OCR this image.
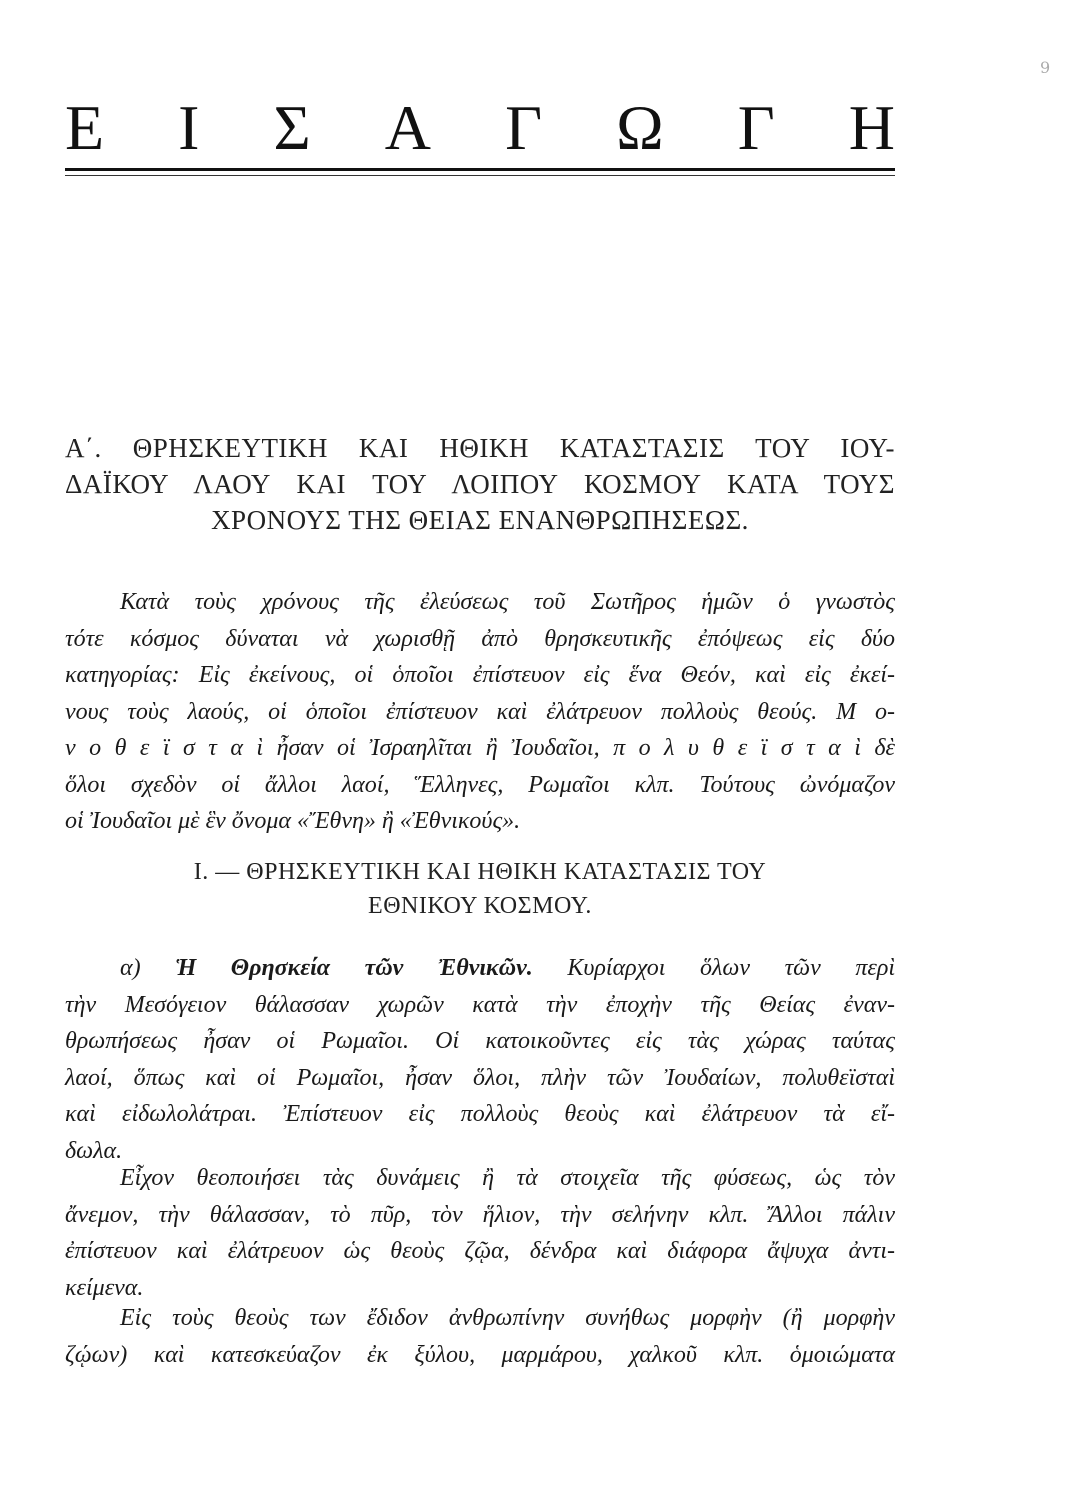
9
Ε Ι Σ Α Γ Ω Γ Η
Α΄. ΘΡΗΣΚΕΥΤΙΚΗ ΚΑΙ ΗΘΙΚΗ ΚΑΤΑΣΤΑΣΙΣ ΤΟΥ ΙΟΥ-
ΔΑΪΚΟΥ ΛΑΟΥ ΚΑΙ ΤΟΥ ΛΟΙΠΟΥ ΚΟΣΜΟΥ ΚΑΤΑ ΤΟΥΣ
ΧΡΟΝΟΥΣ ΤΗΣ ΘΕΙΑΣ ΕΝΑΝΘΡΩΠΗΣΕΩΣ.
Κατὰ τοὺς χρόνους τῆς ἐλεύσεως τοῦ Σωτῆρος ἡμῶν ὁ γνωστὸς
τότε κόσμος δύναται νὰ χωρισθῇ ἀπὸ θρησκευτικῆς ἐπόψεως εἰς δύο
κατηγορίας: Εἰς ἐκείνους, οἱ ὁποῖοι ἐπίστευον εἰς ἕνα Θεόν, καὶ εἰς ἐκεί-
νους τοὺς λαούς, οἱ ὁποῖοι ἐπίστευον καὶ ἐλάτρευον πολλοὺς θεούς. Μ ο-
ν ο θ ε ϊ σ τ α ὶ ἦσαν οἱ Ἰσραηλῖται ἢ Ἰουδαῖοι, π ο λ υ θ ε ϊ σ τ α ὶ δὲ
ὅλοι σχεδὸν οἱ ἄλλοι λαοί, Ἕλληνες, Ρωμαῖοι κλπ. Τούτους ὠνόμαζον
οἱ Ἰουδαῖοι μὲ ἓν ὄνομα «Ἔθνη» ἢ «Ἐθνικούς».
Ι. — ΘΡΗΣΚΕΥΤΙΚΗ ΚΑΙ ΗΘΙΚΗ ΚΑΤΑΣΤΑΣΙΣ ΤΟΥ
ΕΘΝΙΚΟΥ ΚΟΣΜΟΥ.
α) Ἡ Θρησκεία τῶν Ἐθνικῶν. Κυρίαρχοι ὅλων τῶν περὶ
τὴν Μεσόγειον θάλασσαν χωρῶν κατὰ τὴν ἐποχὴν τῆς Θείας ἐναν-
θρωπήσεως ἦσαν οἱ Ρωμαῖοι. Οἱ κατοικοῦντες εἰς τὰς χώρας ταύτας
λαοί, ὅπως καὶ οἱ Ρωμαῖοι, ἦσαν ὅλοι, πλὴν τῶν Ἰουδαίων, πολυθεϊσταὶ
καὶ εἰδωλολάτραι. Ἐπίστευον εἰς πολλοὺς θεοὺς καὶ ἐλάτρευον τὰ εἴ-
δωλα.
Εἶχον θεοποιήσει τὰς δυνάμεις ἢ τὰ στοιχεῖα τῆς φύσεως, ὡς τὸν
ἄνεμον, τὴν θάλασσαν, τὸ πῦρ, τὸν ἥλιον, τὴν σελήνην κλπ. Ἄλλοι πάλιν
ἐπίστευον καὶ ἐλάτρευον ὡς θεοὺς ζῷα, δένδρα καὶ διάφορα ἄψυχα ἀντι-
κείμενα.
Εἰς τοὺς θεοὺς των ἔδιδον ἀνθρωπίνην συνήθως μορφὴν (ἢ μορφὴν
ζῴων) καὶ κατεσκεύαζον ἐκ ξύλου, μαρμάρου, χαλκοῦ κλπ. ὁμοιώματα
